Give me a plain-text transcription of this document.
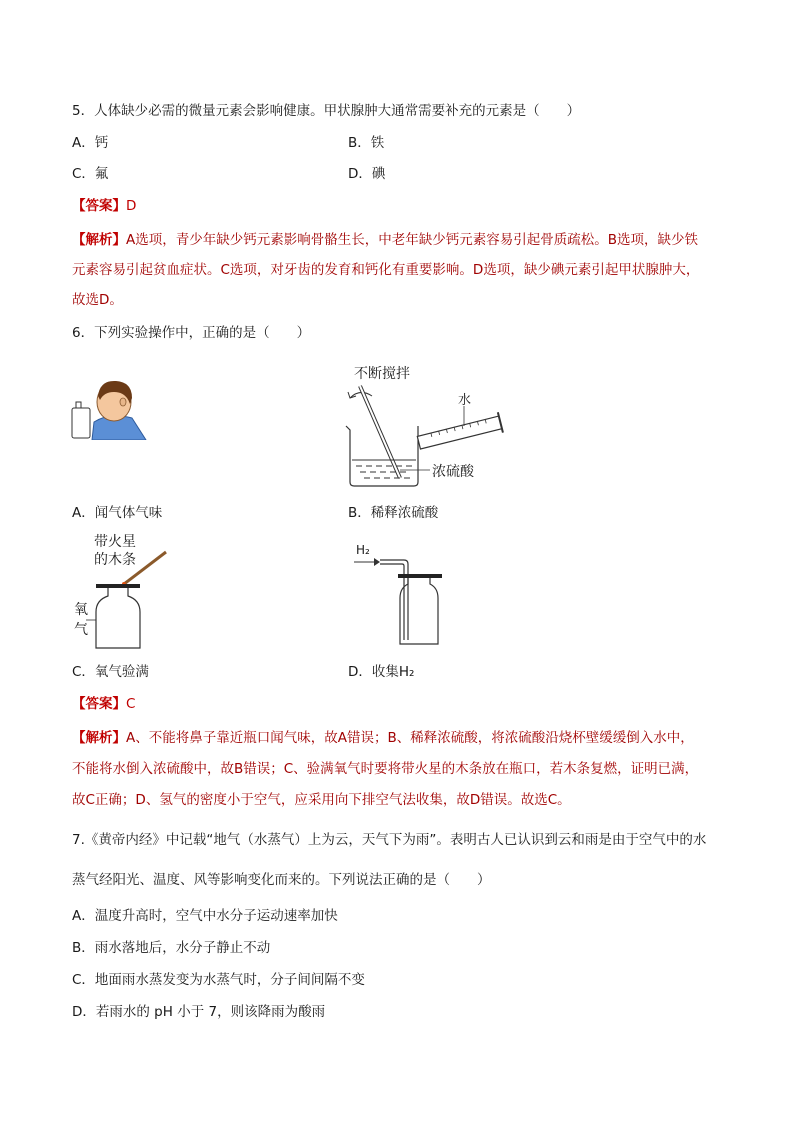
5．人体缺少必需的微量元素会影响健康。甲状腺肿大通常需要补充的元素是（　　）
A．钙	B．铁
C．氟	D．碘
【答案】D
【解析】A选项，青少年缺少钙元素影响骨骼生长，中老年缺少钙元素容易引起骨质疏松。B选项，缺少铁
元素容易引起贫血症状。C选项，对牙齿的发育和钙化有重要影响。D选项，缺少碘元素引起甲状腺肿大，
故选D。
6．下列实验操作中，正确的是（　　）
不断搅拌
水
浓硫酸
A．闻气体气味	B．稀释浓硫酸
带火星
的木条
氧
气
H₂
C．氧气验满	D．收集H₂
【答案】C
【解析】A、不能将鼻子靠近瓶口闻气味，故A错误；B、稀释浓硫酸，将浓硫酸沿烧杯壁缓缓倒入水中，
不能将水倒入浓硫酸中，故B错误；C、验满氧气时要将带火星的木条放在瓶口，若木条复燃，证明已满，
故C正确；D、氢气的密度小于空气，应采用向下排空气法收集，故D错误。故选C。
7.《黄帝内经》中记载“地气（水蒸气）上为云，天气下为雨”。表明古人已认识到云和雨是由于空气中的水
蒸气经阳光、温度、风等影响变化而来的。下列说法正确的是（　　）
A．温度升高时，空气中水分子运动速率加快
B．雨水落地后，水分子静止不动
C．地面雨水蒸发变为水蒸气时，分子间间隔不变
D．若雨水的 pH 小于 7，则该降雨为酸雨
